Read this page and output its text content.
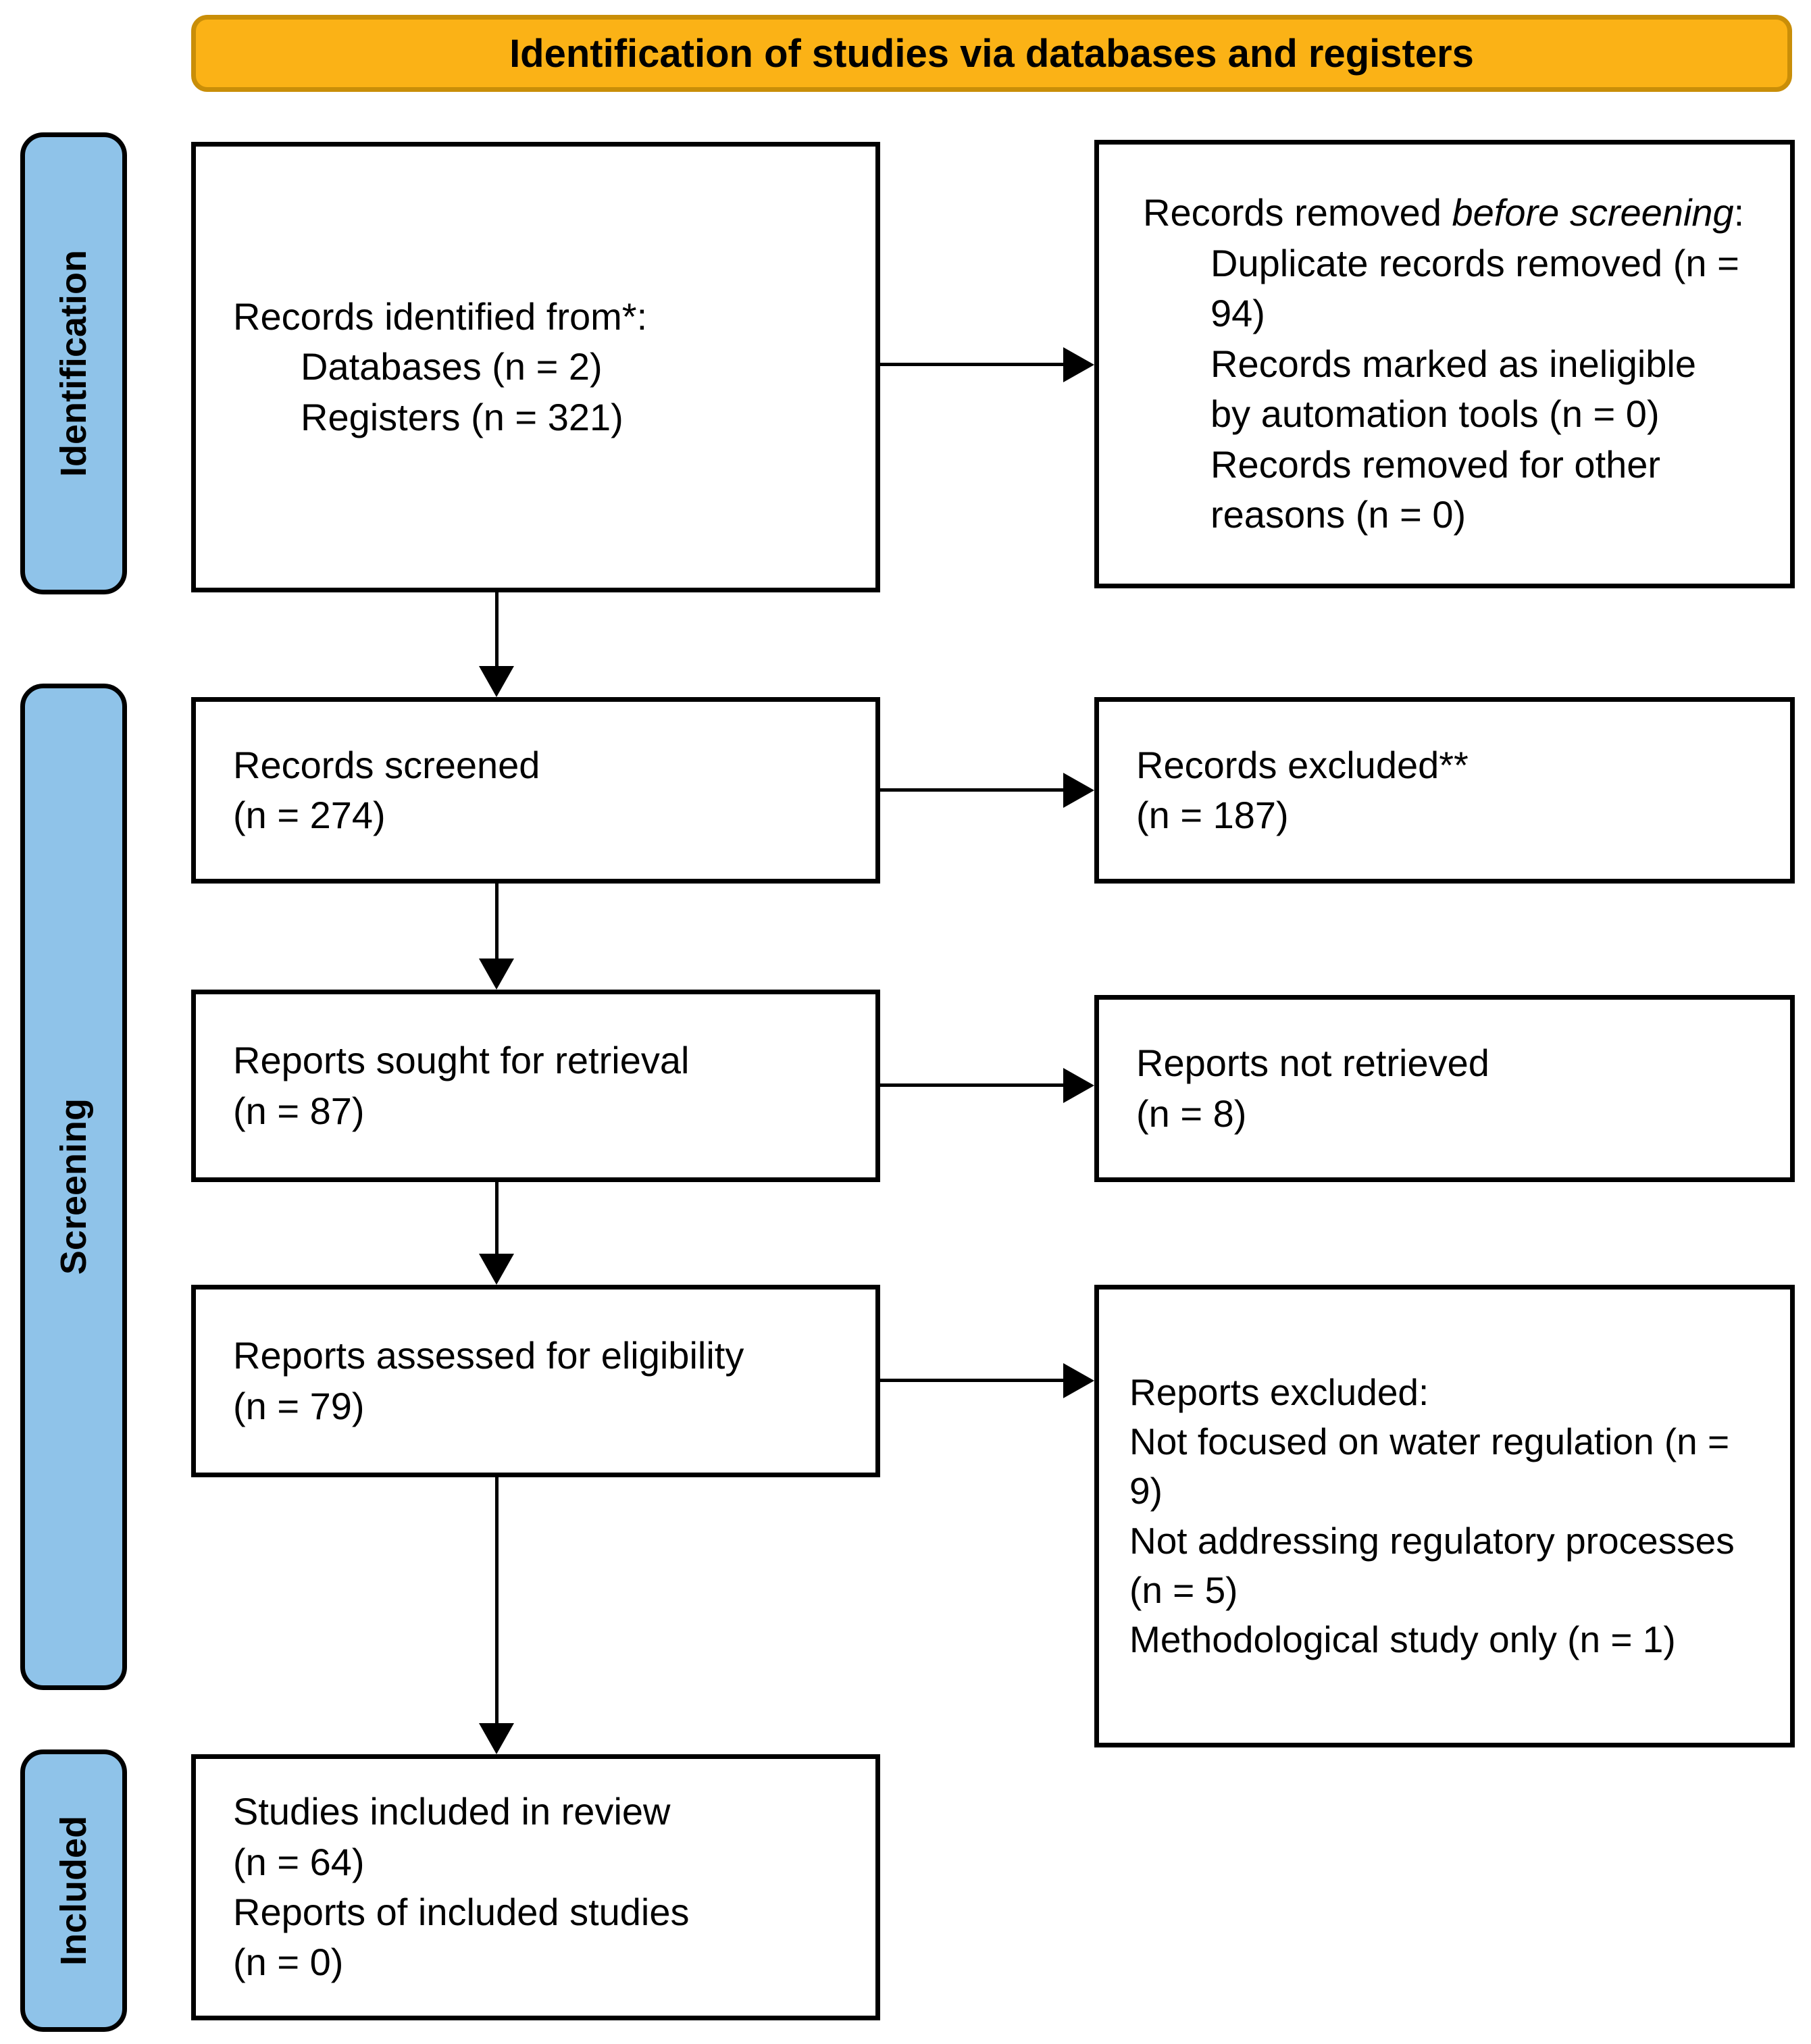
Identification of studies via databases and registers
Identification
Screening
Included
Records identified from*:
Databases (n = 2)
Registers (n = 321)
Records screened
(n = 274)
Reports sought for retrieval
(n = 87)
Reports assessed for eligibility
(n = 79)
Studies included in review
(n = 64)
Reports of included studies
(n = 0)
Records removed before screening:
Duplicate records removed (n = 94)
Records marked as ineligible by automation tools (n = 0)
Records removed for other reasons (n = 0)
Records excluded**
(n = 187)
Reports not retrieved
(n = 8)
Reports excluded:
Not focused on water regulation (n = 9)
Not addressing regulatory processes (n = 5)
Methodological study only (n = 1)
